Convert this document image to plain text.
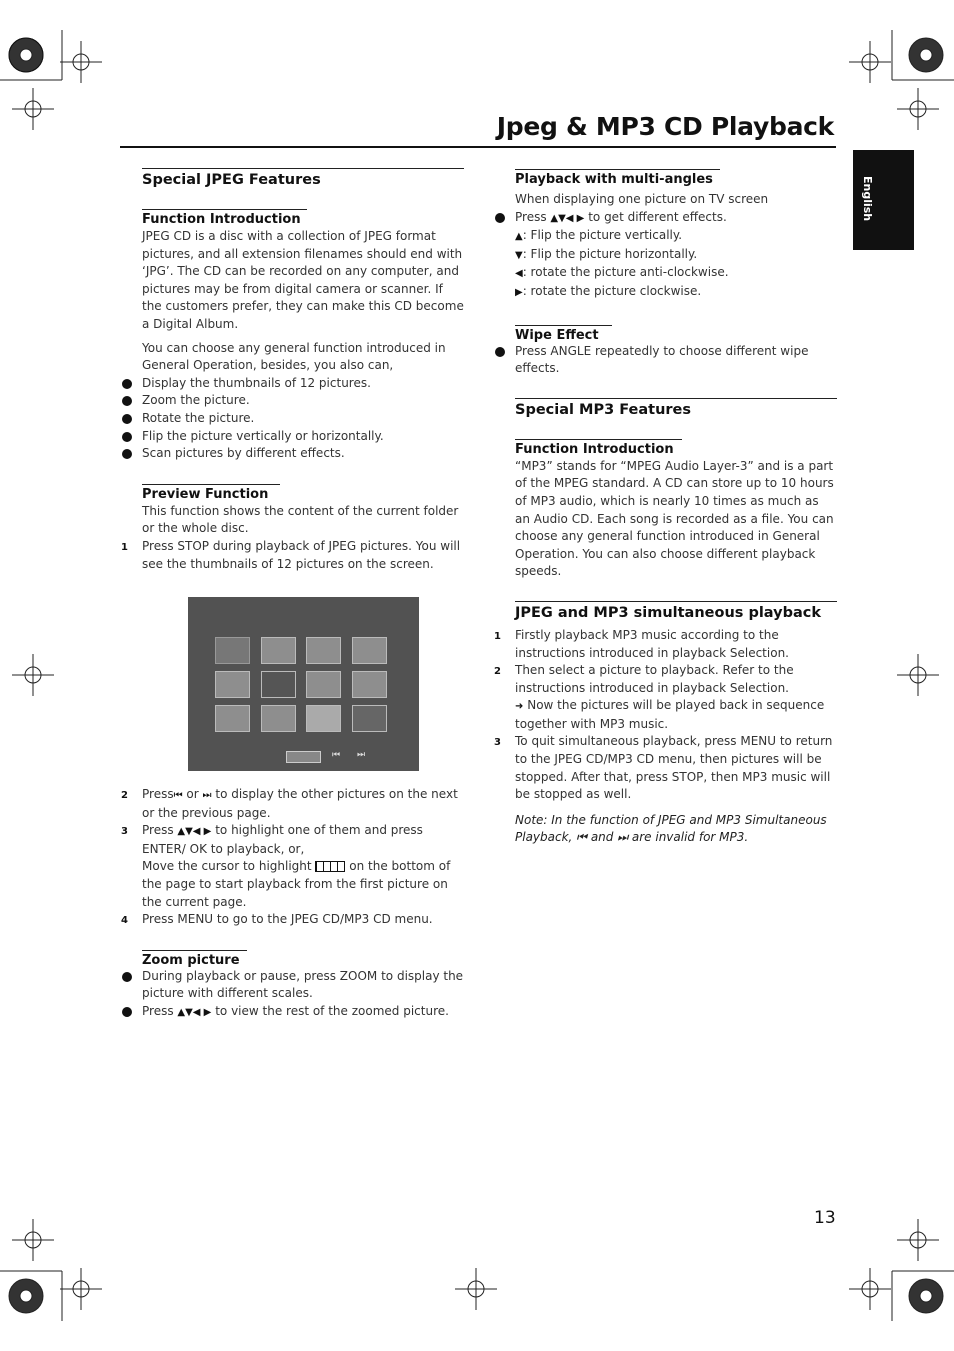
Jpeg & MP3 CD Playback
English
Special JPEG Features
Function Introduction

JPEG CD is a disc with a collection of JPEG format pictures, and all extension filenames should end with ‘JPG’. The CD can be recorded on any computer, and pictures may be from digital camera or scanner. If the customers prefer, they can make this CD become a Digital Album.

You can choose any general function introduced in General Operation, besides, you also can,

Display the thumbnails of 12 pictures.
Zoom the picture.
Rotate the picture.
Flip the picture vertically or horizontally.
Scan pictures by different effects.
Preview Function

This function shows the content of the current folder or the whole disc.

1 Press STOP during playback of JPEG pictures. You will see the thumbnails of 12 pictures on the screen.
⏮ ⏭
2 Press⏮ or ⏭ to display the other pictures on the next or the previous page.
3 Press ▲▼◀ ▶ to highlight one of them and press ENTER/ OK to playback, or,
Move the cursor to highlight	on the bottom of the page to start playback from the first picture on the current page.
4 Press MENU to go to the JPEG CD/MP3 CD menu.
Zoom picture
During playback or pause, press ZOOM to display the picture with different scales.
Press ▲▼◀ ▶ to view the rest of the zoomed picture.
Playback with multi-angles

When displaying one picture on TV screen

Press ▲▼◀ ▶ to get different effects.

▲: Flip the picture vertically.

▼: Flip the picture horizontally.

◀: rotate the picture anti-clockwise.

▶: rotate the picture clockwise.

Wipe Effect
Press ANGLE repeatedly to choose different wipe effects.
Special MP3 Features
Function Introduction

“MP3” stands for “MPEG Audio Layer-3” and is a part of the MPEG standard. A CD can store up to 10 hours of MP3 audio, which is nearly 10 times as much as an Audio CD. Each song is recorded as a file. You can choose any general function introduced in General Operation. You can also choose different playback speeds.

JPEG and MP3 simultaneous playback
1 Firstly playback MP3 music according to the instructions introduced in playback Selection.
2 Then select a picture to playback. Refer to the instructions introduced in playback Selection.
➜ Now the pictures will be played back in sequence together with MP3 music.
3 To quit simultaneous playback, press MENU to return to the JPEG CD/MP3 CD menu, then pictures will be stopped. After that, press STOP, then MP3 music will be stopped as well.
Note: In the function of JPEG and MP3 Simultaneous Playback, ⏮ and ⏭ are invalid for MP3.
13
